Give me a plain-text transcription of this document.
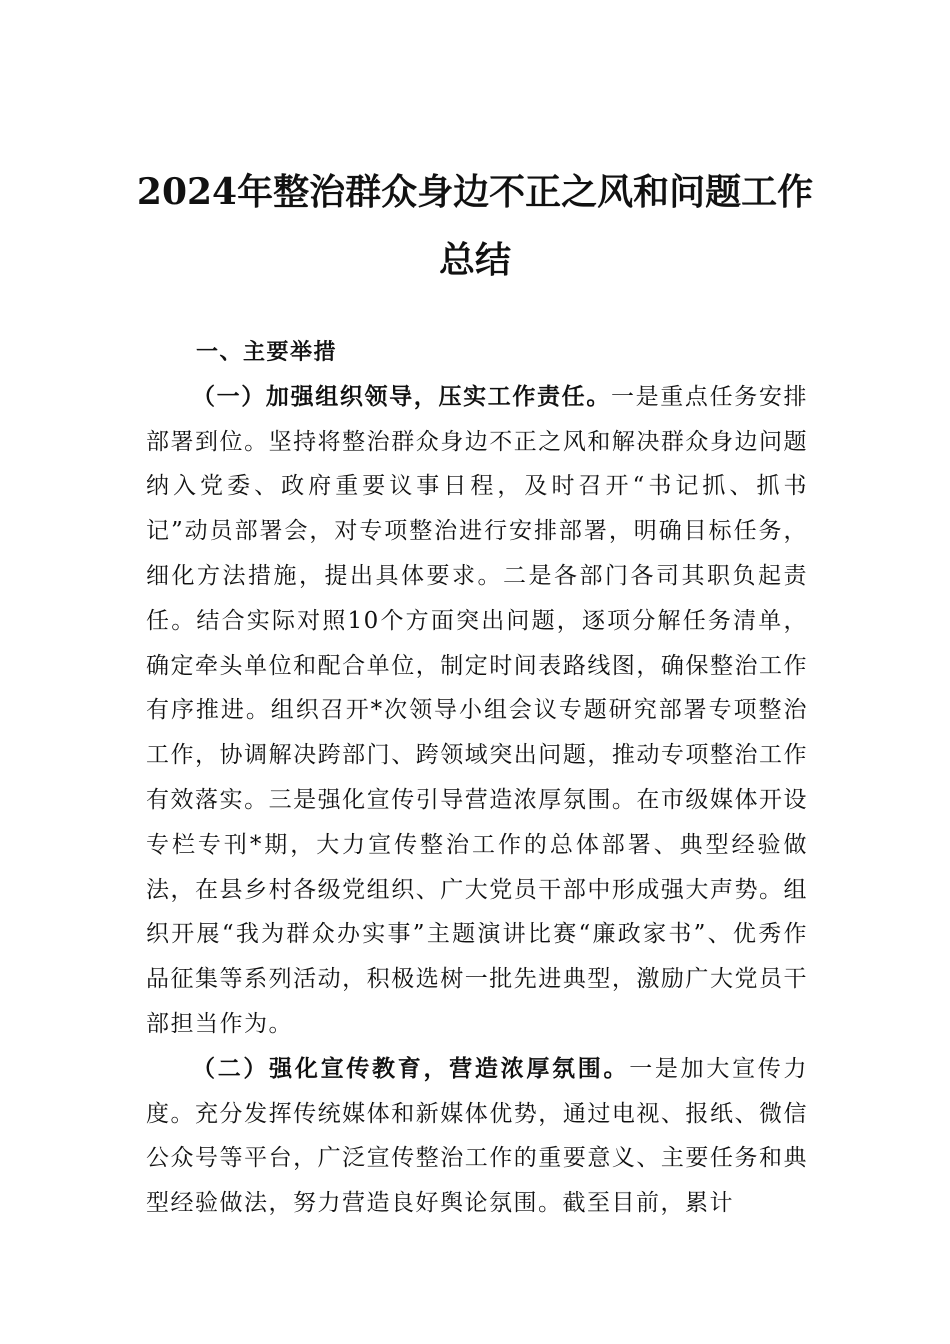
2024年整治群众身边不正之风和问题工作总结

一、主要举措

（一）加强组织领导，压实工作责任。一是重点任务安排部署到位。坚持将整治群众身边不正之风和解决群众身边问题纳入党委、政府重要议事日程，及时召开“书记抓、抓书记”动员部署会，对专项整治进行安排部署，明确目标任务，细化方法措施，提出具体要求。二是各部门各司其职负起责任。结合实际对照10个方面突出问题，逐项分解任务清单，确定牵头单位和配合单位，制定时间表路线图，确保整治工作有序推进。组织召开*次领导小组会议专题研究部署专项整治工作，协调解决跨部门、跨领域突出问题，推动专项整治工作有效落实。三是强化宣传引导营造浓厚氛围。在市级媒体开设专栏专刊*期，大力宣传整治工作的总体部署、典型经验做法，在县乡村各级党组织、广大党员干部中形成强大声势。组织开展“我为群众办实事”主题演讲比赛“廉政家书”、优秀作品征集等系列活动，积极选树一批先进典型，激励广大党员干部担当作为。

（二）强化宣传教育，营造浓厚氛围。一是加大宣传力度。充分发挥传统媒体和新媒体优势，通过电视、报纸、微信公众号等平台，广泛宣传整治工作的重要意义、主要任务和典型经验做法，努力营造良好舆论氛围。截至目前，累计
